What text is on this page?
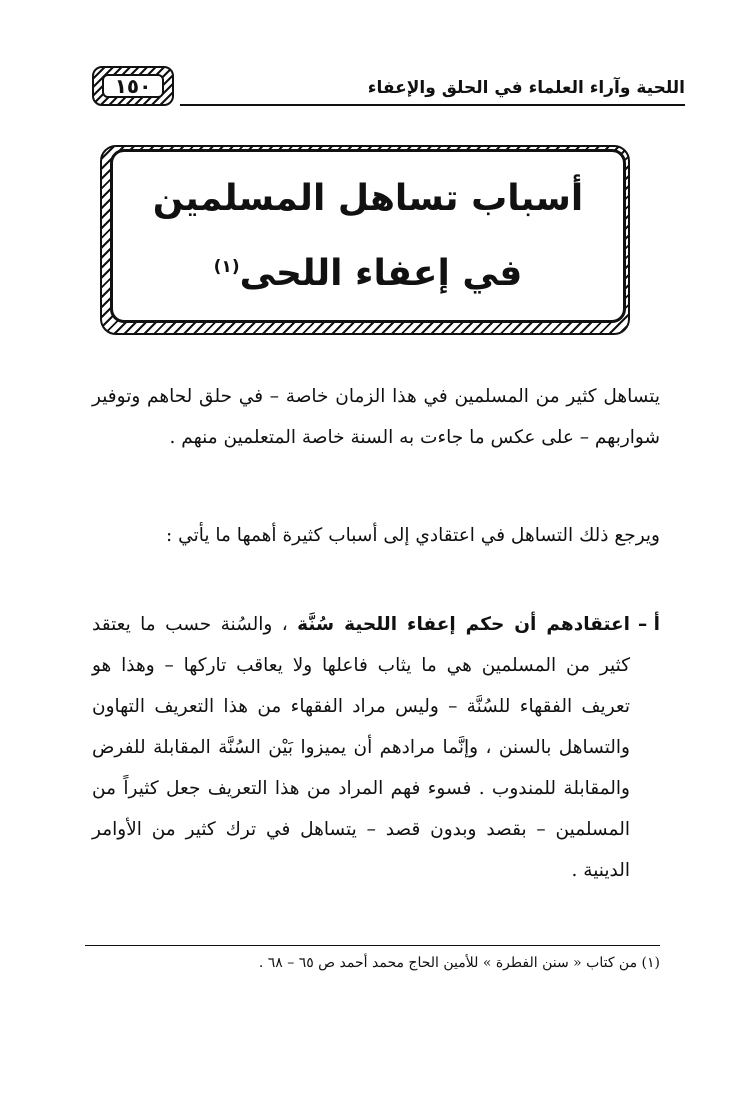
اللحية وآراء العلماء في الحلق والإعفاء
١٥٠
أسباب تساهل المسلمين
في إعفاء اللحى$^{(١)}$
يتساهل كثير من المسلمين في هذا الزمان خاصة – في حلق لحاهم وتوفير شواربهم – على عكس ما جاءت به السنة خاصة المتعلمين منهم .
ويرجع ذلك التساهل في اعتقادي إلى أسباب كثيرة أهمها ما يأتي :
أ –
اعتقادهم أن حكم إعفاء اللحية سُنَّة ، والسُنة حسب ما يعتقد كثير من المسلمين هي ما يثاب فاعلها ولا يعاقب تاركها – وهذا هو تعريف الفقهاء للسُنَّة – وليس مراد الفقهاء من هذا التعريف التهاون والتساهل بالسنن ، وإنَّما مرادهم أن يميزوا بَيْن السُنَّة المقابلة للفرض والمقابلة للمندوب . فسوء فهم المراد من هذا التعريف جعل كثيراً من المسلمين – بقصد وبدون قصد – يتساهل في ترك كثير من الأوامر الدينية .
(١) من كتاب « سنن الفطرة » للأمين الحاج محمد أحمد ص ٦٥ – ٦٨ .
